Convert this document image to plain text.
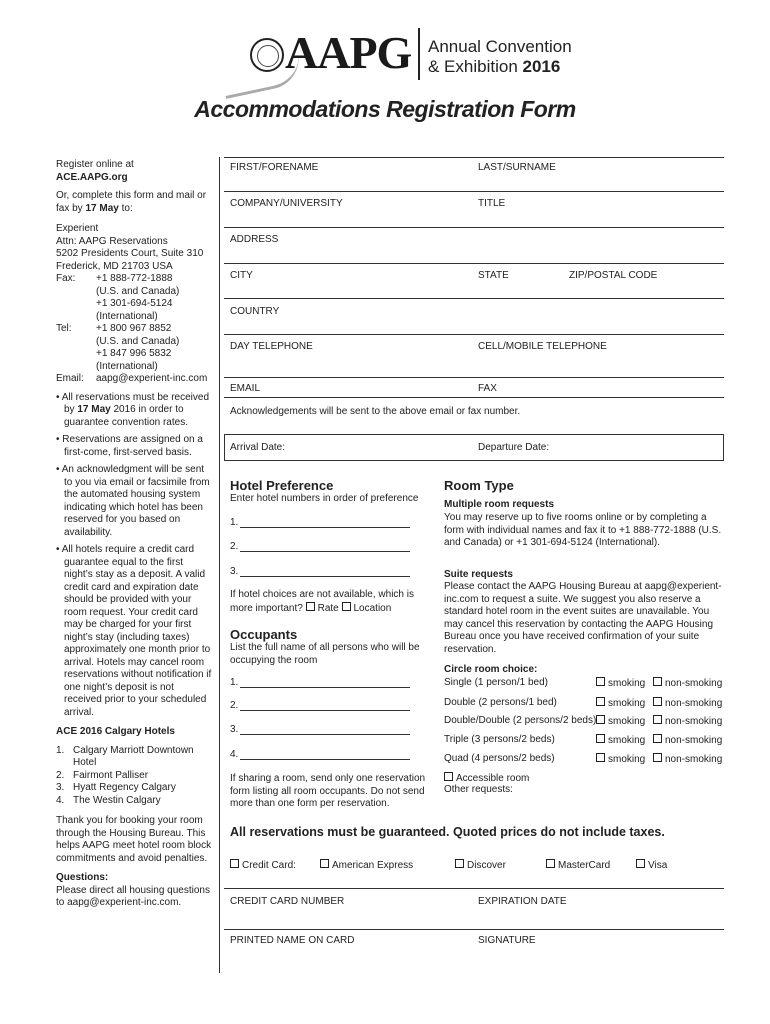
AAPG Annual Convention
& Exhibition 2016
Accommodations Registration Form

Register online at

ACE.AAPG.org

Or, complete this form and mail or fax by 17 May to:

Experient

Attn: AAPG Reservations

5202 Presidents Court, Suite 310

Frederick, MD 21703 USA

Fax:	+1 888-772-1888

(U.S. and Canada)

+1 301-694-5124

(International)

Tel:	+1 800 967 8852

(U.S. and Canada)

+1 847 996 5832

(International)

Email:	aapg@experient-inc.com

• All reservations must be received by 17 May 2016 in order to guarantee convention rates.

• Reservations are assigned on a first-come, first-served basis.

• An acknowledgment will be sent to you via email or facsimile from the automated housing system indicating which hotel has been reserved for you based on availability.

• All hotels require a credit card guarantee equal to the first night’s stay as a deposit. A valid credit card and expiration date should be provided with your room request. Your credit card may be charged for your first night’s stay (including taxes) approximately one month prior to arrival. Hotels may cancel room reservations without notification if one night’s deposit is not received prior to your scheduled arrival.

ACE 2016 Calgary Hotels

1. Calgary Marriott Downtown Hotel
2. Fairmont Palliser
3. Hyatt Regency Calgary
4. The Westin Calgary

Thank you for booking your room through the Housing Bureau. This helps AAPG meet hotel room block commitments and avoid penalties.

Questions:

Please direct all housing questions to aapg@experient-inc.com.

FIRST/FORENAME	LAST/SURNAME
COMPANY/UNIVERSITY	TITLE
ADDRESS
CITY	STATE	ZIP/POSTAL CODE
COUNTRY
DAY TELEPHONE	CELL/MOBILE TELEPHONE
EMAIL	FAX
Acknowledgements will be sent to the above email or fax number.
Arrival Date:	Departure Date:
Hotel Preference
Enter hotel numbers in order of preference
1.
2.
3.
If hotel choices are not available, which is more important? Rate Location
Occupants
List the full name of all persons who will be occupying the room
1.
2.
3.
4.
If sharing a room, send only one reservation form listing all room occupants. Do not send more than one form per reservation.
Room Type
Multiple room requests
You may reserve up to five rooms online or by completing a form with individual names and fax it to +1 888-772-1888 (U.S. and Canada) or +1 301-694-5124 (International).
Suite requests
Please contact the AAPG Housing Bureau at aapg@experient-inc.com to request a suite. We suggest you also reserve a standard hotel room in the event suites are unavailable. You may cancel this reservation by contacting the AAPG Housing Bureau once you have received confirmation of your suite reservation.
Circle room choice:
Single (1 person/1 bed)	smoking	non-smoking
Double (2 persons/1 bed)	smoking	non-smoking
Double/Double (2 persons/2 beds)	smoking	non-smoking
Triple (3 persons/2 beds)	smoking	non-smoking
Quad (4 persons/2 beds)	smoking	non-smoking
Accessible room
Other requests:
All reservations must be guaranteed. Quoted prices do not include taxes.
Credit Card:	American Express	Discover	MasterCard	Visa
CREDIT CARD NUMBER	EXPIRATION DATE
PRINTED NAME ON CARD	SIGNATURE
